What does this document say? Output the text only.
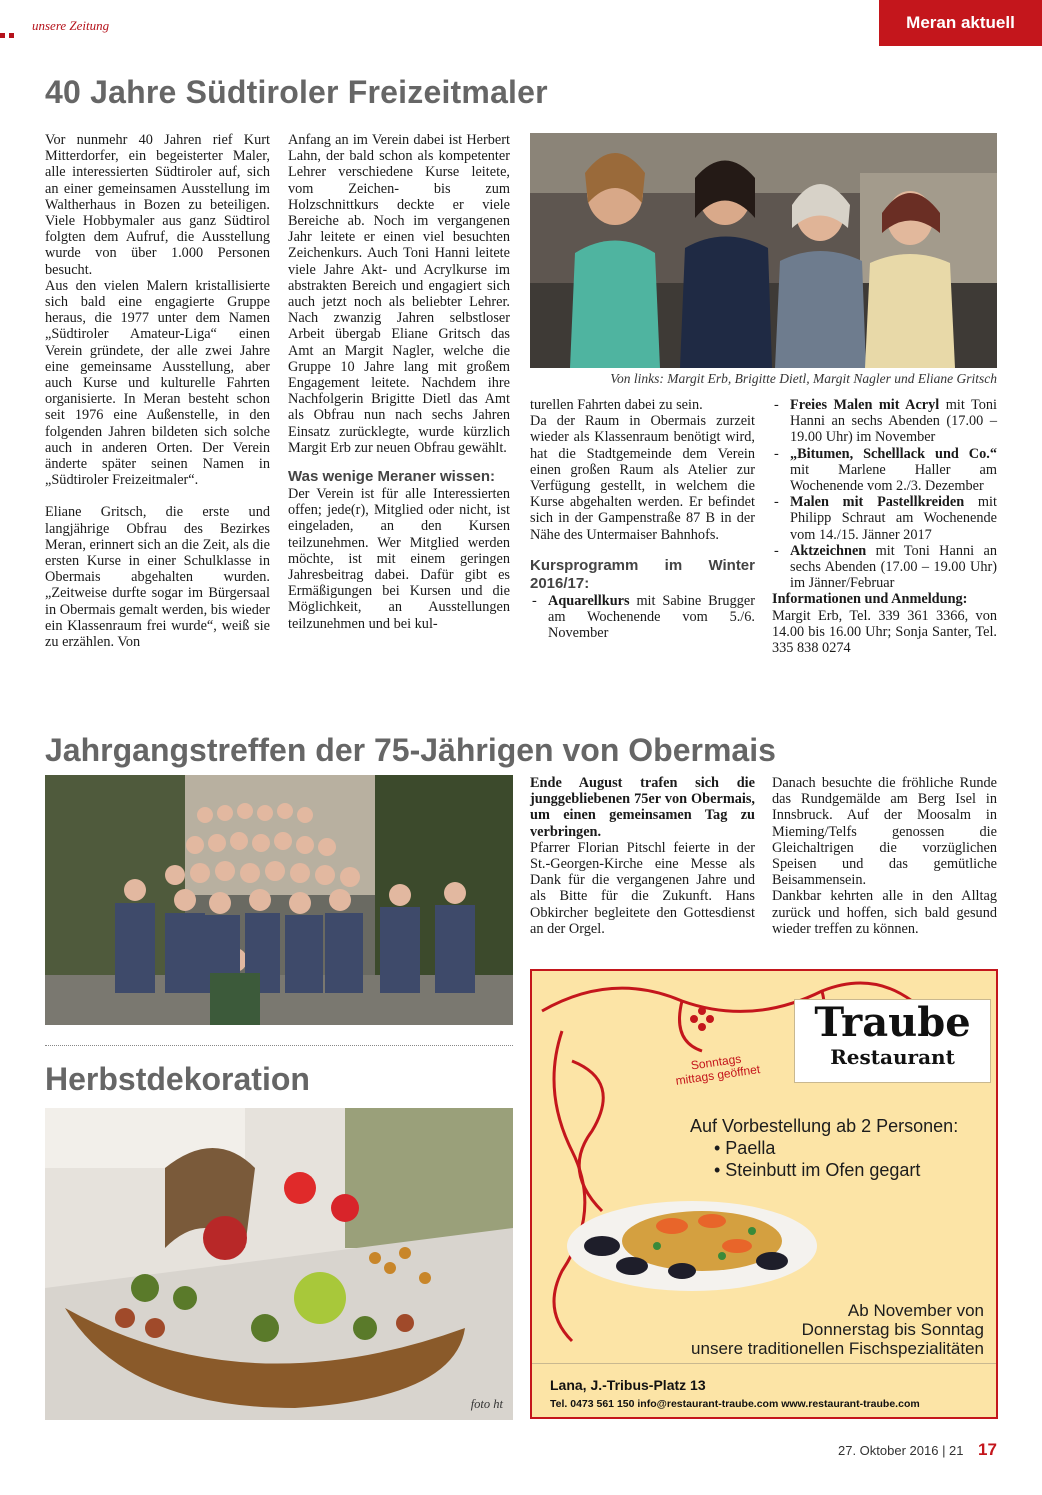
unsere Zeitung	Meran aktuell
40 Jahre Südtiroler Freizeitmaler

Vor nunmehr 40 Jahren rief Kurt Mitterdorfer, ein begeisterter Maler, alle interessierten Südtiroler auf, sich an einer gemeinsamen Ausstellung im Waltherhaus in Bozen zu beteiligen. Viele Hobbymaler aus ganz Südtirol folgten dem Aufruf, die Ausstellung wurde von über 1.000 Personen besucht.

Aus den vielen Malern kristallisierte sich bald eine engagierte Gruppe heraus, die 1977 unter dem Namen „Südtiroler Amateur-Liga“ einen Verein gründete, der alle zwei Jahre eine gemeinsame Ausstellung, aber auch Kurse und kulturelle Fahrten organisierte. In Meran besteht schon seit 1976 eine Außenstelle, in den folgenden Jahren bildeten sich solche auch in anderen Orten. Der Verein änderte später seinen Namen in „Südtiroler Freizeitmaler“.

Eliane Gritsch, die erste und langjährige Obfrau des Bezirkes Meran, erinnert sich an die Zeit, als die ersten Kurse in einer Schulklasse in Obermais abgehalten wurden. „Zeitweise durfte sogar im Bürgersaal in Obermais gemalt werden, bis wieder ein Klassenraum frei wurde“, weiß sie zu erzählen. Von

Anfang an im Verein dabei ist Herbert Lahn, der bald schon als kompetenter Lehrer verschiedene Kurse leitete, vom Zeichen- bis zum Holzschnittkurs deckte er viele Bereiche ab. Noch im vergangenen Jahr leitete er einen viel besuchten Zeichenkurs. Auch Toni Hanni leitete viele Jahre Akt- und Acrylkurse im abstrakten Bereich und engagiert sich auch jetzt noch als beliebter Lehrer. Nach zwanzig Jahren selbstloser Arbeit übergab Eliane Gritsch das Amt an Margit Nagler, welche die Gruppe 10 Jahre lang mit großem Engagement leitete. Nachdem ihre Nachfolgerin Brigitte Dietl das Amt als Obfrau nun nach sechs Jahren Einsatz zurücklegte, wurde kürzlich Margit Erb zur neuen Obfrau gewählt.

Was wenige Meraner wissen:

Der Verein ist für alle Interessierten offen; jede(r), Mitglied oder nicht, ist eingeladen, an den Kursen teilzunehmen. Wer Mitglied werden möchte, ist mit einem geringen Jahresbeitrag dabei. Dafür gibt es Ermäßigungen bei Kursen und die Möglichkeit, an Ausstellungen teilzunehmen und bei kul-

Von links: Margit Erb, Brigitte Dietl, Margit Nagler und Eliane Gritsch

turellen Fahrten dabei zu sein.

Da der Raum in Obermais zurzeit wieder als Klassenraum benötigt wird, hat die Stadtgemeinde dem Verein einen großen Raum als Atelier zur Verfügung gestellt, in welchem die Kurse abgehalten werden. Er befindet sich in der Gampenstraße 87 B in der Nähe des Untermaiser Bahnhofs.

Kursprogramm im Winter 2016/17:
- Aquarellkurs mit Sabine Brugger am Wochenende vom 5./6. November
- Freies Malen mit Acryl mit Toni Hanni an sechs Abenden (17.00 – 19.00 Uhr) im November
- „Bitumen, Schelllack und Co.“ mit Marlene Haller am Wochenende vom 2./3. Dezember
- Malen mit Pastellkreiden mit Philipp Schraut am Wochenende vom 14./15. Jänner 2017
- Aktzeichnen mit Toni Hanni an sechs Abenden (17.00 – 19.00 Uhr) im Jänner/Februar
Informationen und Anmeldung:

Margit Erb, Tel. 339 361 3366, von 14.00 bis 16.00 Uhr; Sonja Santer, Tel. 335 838 0274

Jahrgangstreffen der 75-Jährigen von Obermais

Ende August trafen sich die junggebliebenen 75er von Obermais, um einen gemeinsamen Tag zu verbringen.

Pfarrer Florian Pitschl feierte in der St.-Georgen-Kirche eine Messe als Dank für die vergangenen Jahre und als Bitte für die Zukunft. Hans Obkircher begleitete den Gottesdienst an der Orgel.

Danach besuchte die fröhliche Runde das Rundgemälde am Berg Isel in Innsbruck. Auf der Moosalm in Mieming/Telfs genossen die Gleichaltrigen die vorzüglichen Speisen und das gemütliche Beisammensein.

Dankbar kehrten alle in den Alltag zurück und hoffen, sich bald gesund wieder treffen zu können.

Herbstdekoration
foto ht
Traube
Restaurant
Sonntags mittags geöffnet
Auf Vorbestellung ab 2 Personen:
• Paella
• Steinbutt im Ofen gegart
Ab November von
Donnerstag bis Sonntag
unsere traditionellen Fischspezialitäten
Lana, J.-Tribus-Platz 13
Tel. 0473 561 150 info@restaurant-traube.com www.restaurant-traube.com
27. Oktober 2016 | 21 17
